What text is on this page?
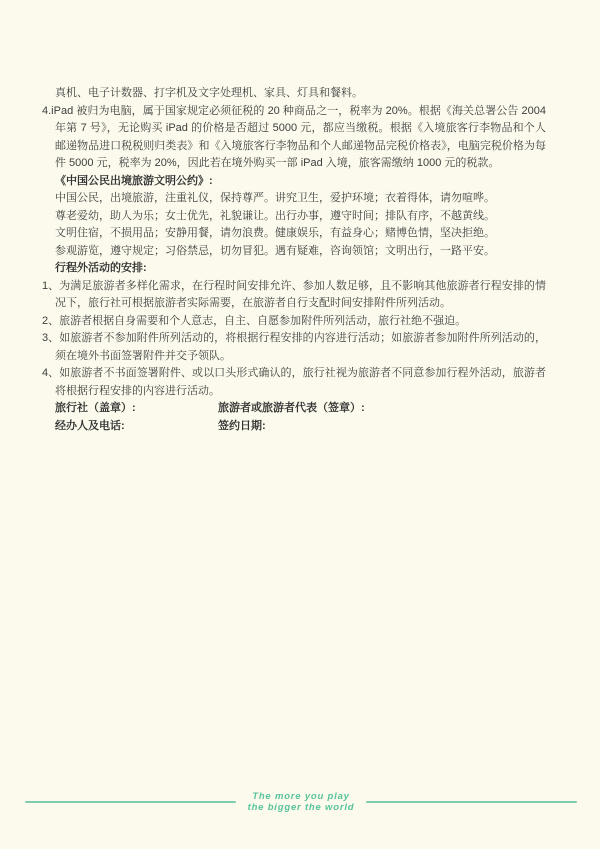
真机、电子计数器、打字机及文字处理机、家具、灯具和餐料。

4.iPad 被归为电脑，属于国家规定必须征税的 20 种商品之一，税率为 20%。根据《海关总署公告 2004 年第 7 号》，无论购买 iPad 的价格是否超过 5000 元，都应当缴税。根据《入境旅客行李物品和个人邮递物品进口税税则归类表》和《入境旅客行李物品和个人邮递物品完税价格表》，电脑完税价格为每件 5000 元，税率为 20%，因此若在境外购买一部 iPad 入境，旅客需缴纳 1000 元的税款。

《中国公民出境旅游文明公约》:
中国公民，出境旅游，注重礼仪，保持尊严。讲究卫生，爱护环境；衣着得体，请勿喧哗。
尊老爱幼，助人为乐；女士优先，礼貌谦让。出行办事，遵守时间；排队有序，不越黄线。
文明住宿，不损用品；安静用餐，请勿浪费。健康娱乐，有益身心；赌博色情，坚决拒绝。
参观游览，遵守规定；习俗禁忌，切勿冒犯。遇有疑难，咨询领馆；文明出行，一路平安。
行程外活动的安排:

1、为满足旅游者多样化需求，在行程时间安排允许、参加人数足够，且不影响其他旅游者行程安排的情况下，旅行社可根据旅游者实际需要，在旅游者自行支配时间安排附件所列活动。

2、旅游者根据自身需要和个人意志，自主、自愿参加附件所列活动，旅行社绝不强迫。

3、如旅游者不参加附件所列活动的，将根据行程安排的内容进行活动；如旅游者参加附件所列活动的，须在境外书面签署附件并交予领队。

4、如旅游者不书面签署附件、或以口头形式确认的，旅行社视为旅游者不同意参加行程外活动，旅游者将根据行程安排的内容进行活动。

旅行社（盖章）:	旅游者或旅游者代表（签章）:
经办人及电话:	签约日期:
The more you play
the bigger the world
